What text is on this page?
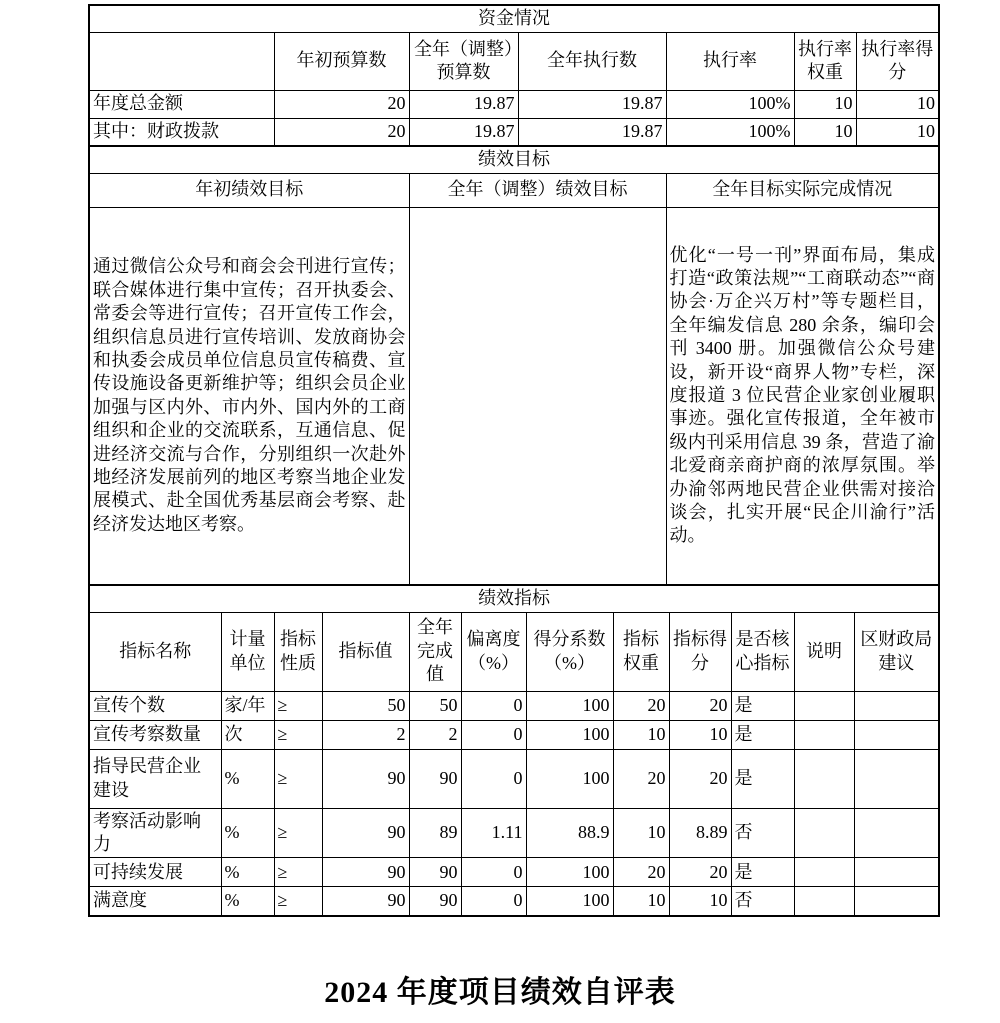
资金情况						
	年初预算数	全年（调整）预算数	全年执行数	执行率	执行率权重	执行率得分
年度总金额	20	19.87	19.87	100%	10	10
其中：财政拨款	20	19.87	19.87	100%	10	10
绩效目标		
年初绩效目标	全年（调整）绩效目标	全年目标实际完成情况
通过微信公众号和商会会刊进行宣传；联合媒体进行集中宣传；召开执委会、常委会等进行宣传；召开宣传工作会，组织信息员进行宣传培训、发放商协会和执委会成员单位信息员宣传稿费、宣传设施设备更新维护等；组织会员企业加强与区内外、市内外、国内外的工商组织和企业的交流联系，互通信息、促进经济交流与合作，分别组织一次赴外地经济发展前列的地区考察当地企业发展模式、赴全国优秀基层商会考察、赴经济发达地区考察。		优化“一号一刊”界面布局，集成打造“政策法规”“工商联动态”“商协会·万企兴万村”等专题栏目，全年编发信息 280 余条，编印会刊 3400 册。加强微信公众号建设，新开设“商界人物”专栏，深度报道 3 位民营企业家创业履职事迹。强化宣传报道，全年被市级内刊采用信息 39 条，营造了渝北爱商亲商护商的浓厚氛围。举办渝邻两地民营企业供需对接洽谈会，扎实开展“民企川渝行”活动。
绩效指标											
指标名称	计量单位	指标性质	指标值	全年完成值	偏离度（%）	得分系数（%）	指标权重	指标得分	是否核心指标	说明	区财政局建议
宣传个数	家/年	≥	50	50	0	100	20	20	是		
宣传考察数量	次	≥	2	2	0	100	10	10	是		
指导民营企业建设	%	≥	90	90	0	100	20	20	是		
考察活动影响力	%	≥	90	89	1.11	88.9	10	8.89	否		
可持续发展	%	≥	90	90	0	100	20	20	是		
满意度	%	≥	90	90	0	100	10	10	否		
2024 年度项目绩效自评表
